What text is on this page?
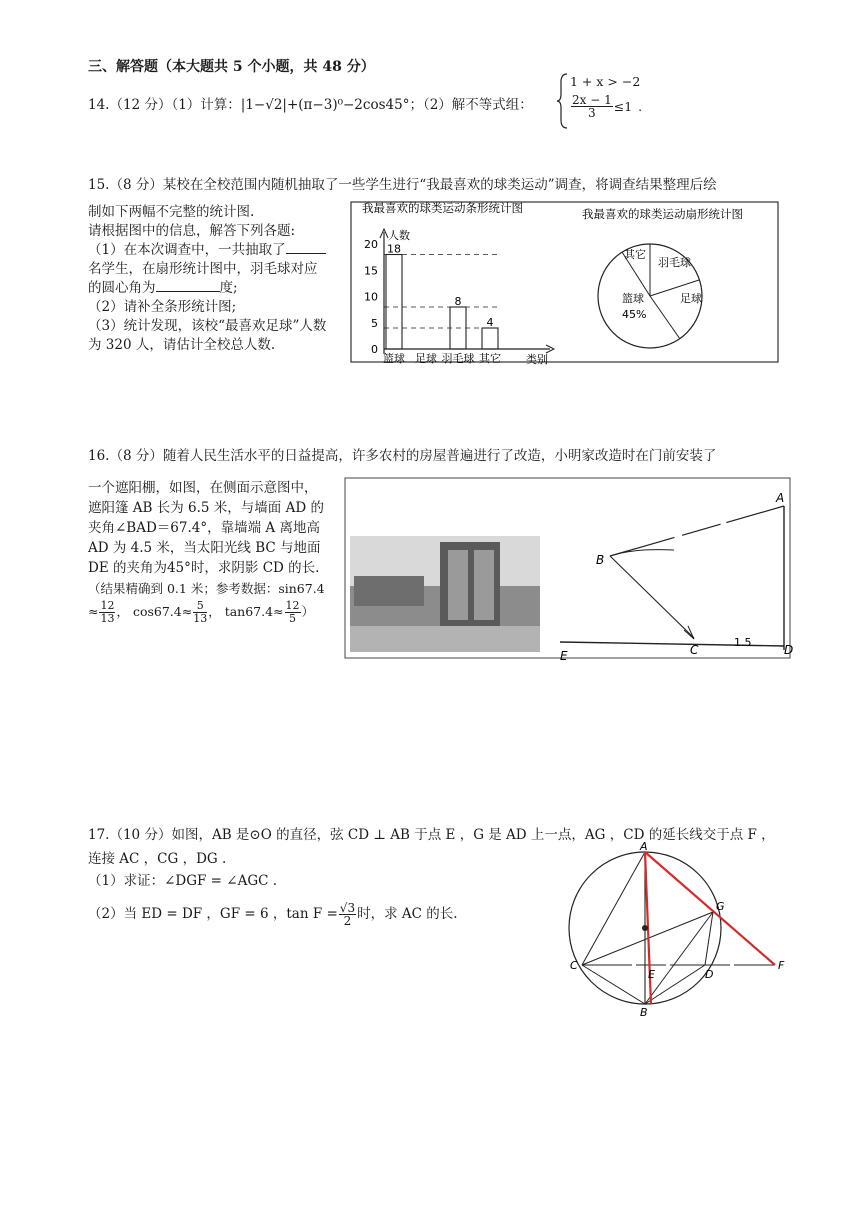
三、解答题（本大题共 5 个小题，共 48 分）
14.（12 分）（1）计算：|1−√2|+(π−3)⁰−2cos45°；（2）解不等式组：
1 + x > −2
$\frac{2x - 1}{3} \le 1$ .
15.（8 分）某校在全校范围内随机抽取了一些学生进行“我最喜欢的球类运动”调查，将调查结果整理后绘
制如下两幅不完整的统计图.
请根据图中的信息，解答下列各题:
（1）在本次调查中，一共抽取了
名学生，在扇形统计图中，羽毛球对应
的圆心角为	度;
（2）请补全条形统计图;
（3）统计发现，该校“最喜欢足球”人数
为 320 人，请估计全校总人数.
我最喜欢的球类运动条形统计图
人数
类别
0
5
10
15
20 18
篮球 足球
8
羽毛球
4
其它
我最喜欢的球类运动扇形统计图
其它
羽毛球
足球
篮球
45%
16.（8 分）随着人民生活水平的日益提高，许多农村的房屋普遍进行了改造，小明家改造时在门前安装了
一个遮阳棚，如图，在侧面示意图中，
遮阳篷 AB 长为 6.5 米，与墙面 AD 的
夹角∠BAD＝67.4°，靠墙端 A 离地高
AD 为 4.5 米，当太阳光线 BC 与地面
DE 的夹角为45°时，求阴影 CD 的长.
（结果精确到 0.1 米；参考数据：sin67.4
≈ $\frac{12}{13}$ ， $\cos 67.4\approx \frac{5}{13}$ ， $\tan 67.4\approx \frac{12}{5}$ ）
A
B
C	D
E
1.5
17.（10 分）如图，AB 是⊙O 的直径，弦 CD ⊥ AB 于点 E ，G 是 AD 上一点，AG ，CD 的延长线交于点 F ，
连接 AC ，CG ，DG .
（1）求证：∠DGF = ∠AGC .
（2）当 ED = DF ，GF = 6 ，$\tan F = \frac{√3}{2}$ 时，求 AC 的长.
A
B
C
D
E
F
G
